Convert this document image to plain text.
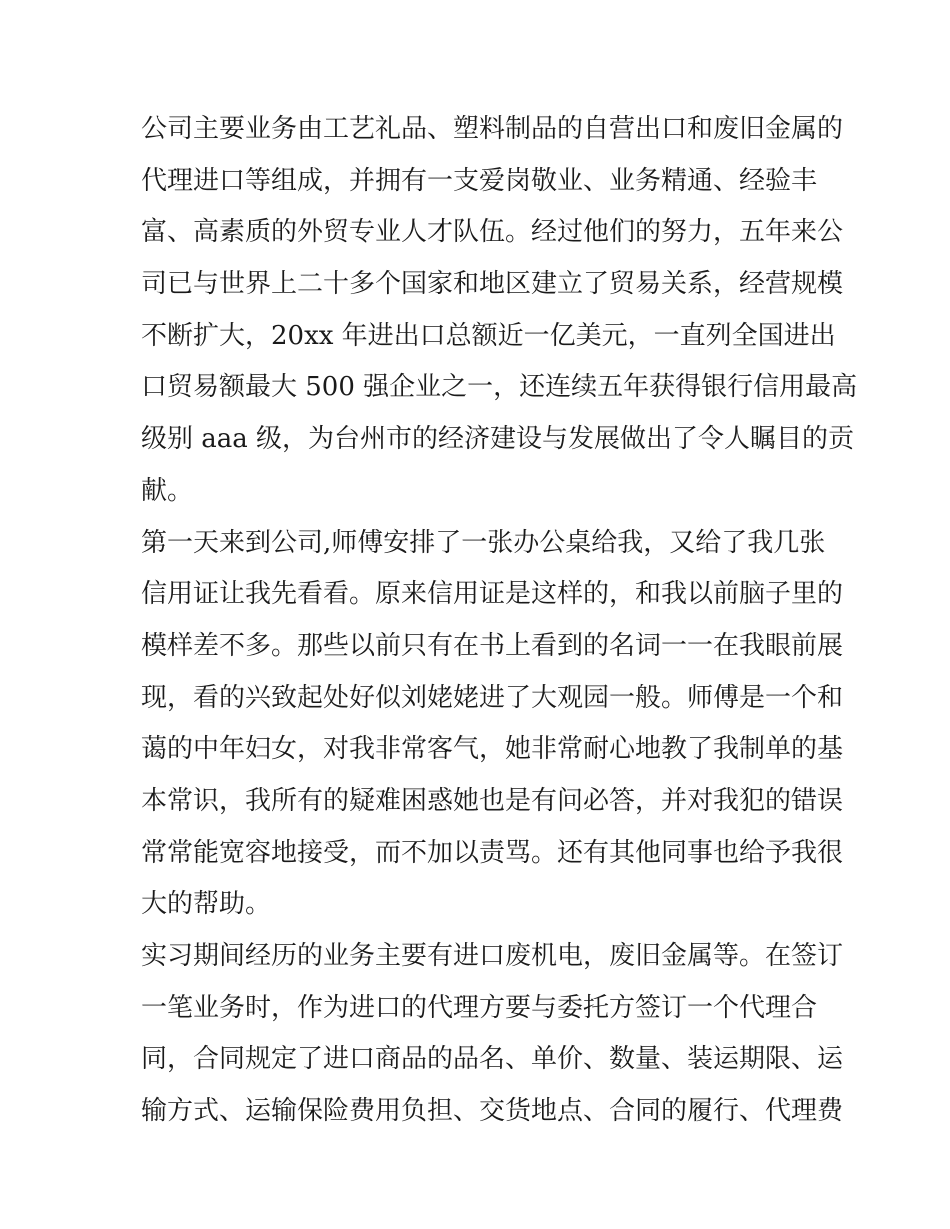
公司主要业务由工艺礼品、塑料制品的自营出口和废旧金属的
代理进口等组成，并拥有一支爱岗敬业、业务精通、经验丰
富、高素质的外贸专业人才队伍。经过他们的努力，五年来公
司已与世界上二十多个国家和地区建立了贸易关系，经营规模
不断扩大，20xx 年进出口总额近一亿美元，一直列全国进出
口贸易额最大 500 强企业之一，还连续五年获得银行信用最高
级别 aaa 级，为台州市的经济建设与发展做出了令人瞩目的贡
献。
第一天来到公司,师傅安排了一张办公桌给我，又给了我几张
信用证让我先看看。原来信用证是这样的，和我以前脑子里的
模样差不多。那些以前只有在书上看到的名词一一在我眼前展
现，看的兴致起处好似刘姥姥进了大观园一般。师傅是一个和
蔼的中年妇女，对我非常客气，她非常耐心地教了我制单的基
本常识，我所有的疑难困惑她也是有问必答，并对我犯的错误
常常能宽容地接受，而不加以责骂。还有其他同事也给予我很
大的帮助。
实习期间经历的业务主要有进口废机电，废旧金属等。在签订
一笔业务时，作为进口的代理方要与委托方签订一个代理合
同，合同规定了进口商品的品名、单价、数量、装运期限、运
输方式、运输保险费用负担、交货地点、合同的履行、代理费
